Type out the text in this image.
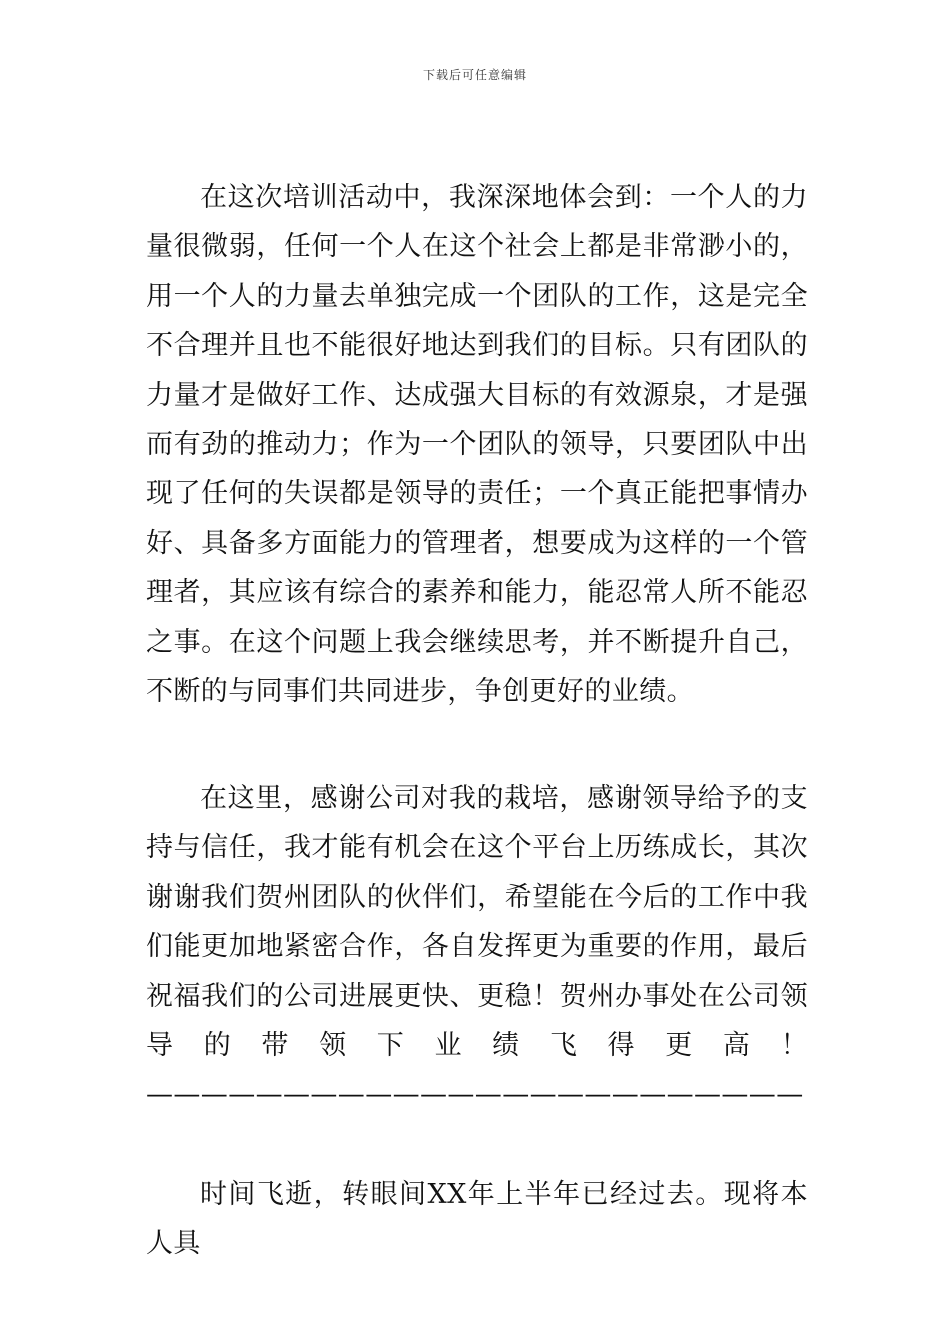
下载后可任意编辑

在这次培训活动中，我深深地体会到：一个人的力量很微弱，任何一个人在这个社会上都是非常渺小的，用一个人的力量去单独完成一个团队的工作，这是完全不合理并且也不能很好地达到我们的目标。只有团队的力量才是做好工作、达成强大目标的有效源泉，才是强而有劲的推动力；作为一个团队的领导，只要团队中出现了任何的失误都是领导的责任；一个真正能把事情办好、具备多方面能力的管理者，想要成为这样的一个管理者，其应该有综合的素养和能力，能忍常人所不能忍之事。在这个问题上我会继续思考，并不断提升自己，不断的与同事们共同进步，争创更好的业绩。

在这里，感谢公司对我的栽培，感谢领导给予的支持与信任，我才能有机会在这个平台上历练成长，其次谢谢我们贺州团队的伙伴们，希望能在今后的工作中我们能更加地紧密合作，各自发挥更为重要的作用，最后祝福我们的公司进展更快、更稳！贺州办事处在公司领导的带领下业绩飞得更高！————————————————————————

时间飞逝，转眼间XX年上半年已经过去。现将本人具
